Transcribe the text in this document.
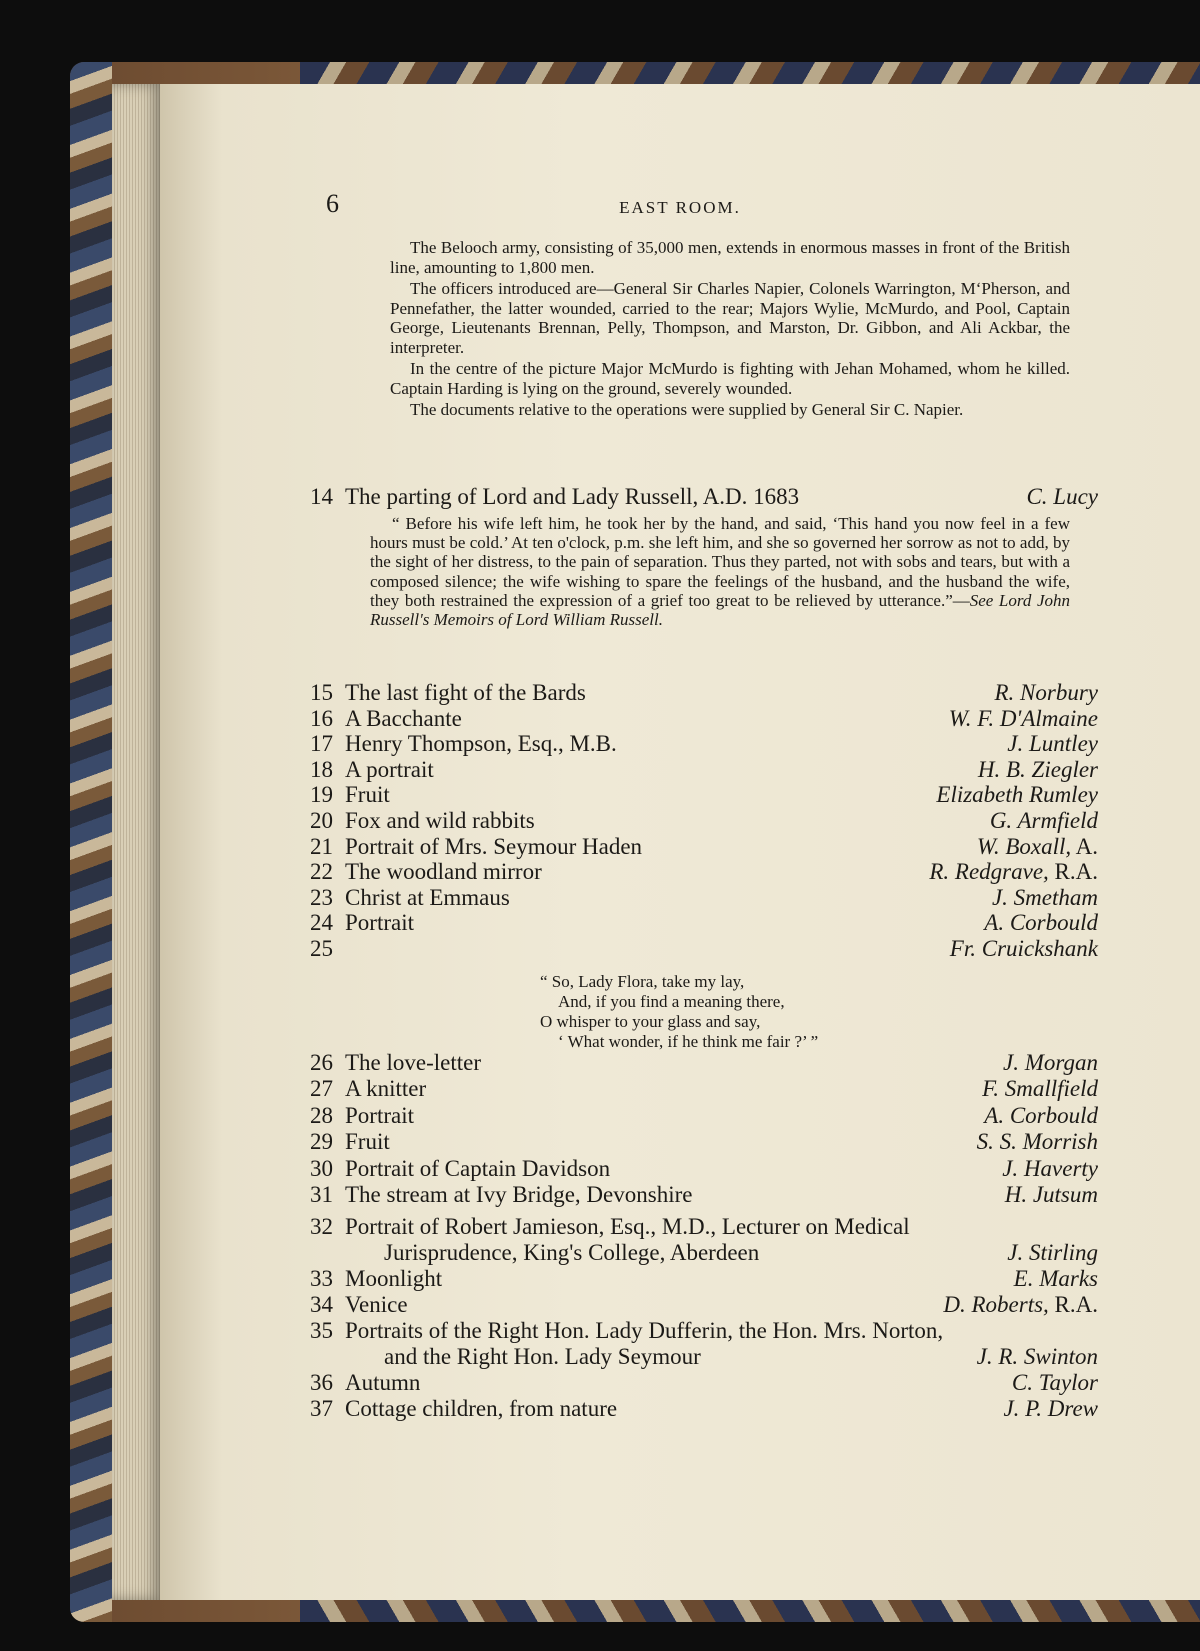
6	EAST ROOM.

The Belooch army, consisting of 35,000 men, extends in enormous masses in front of the British line, amounting to 1,800 men.

The officers introduced are—General Sir Charles Napier, Colonels Warrington, M‘Pherson, and Pennefather, the latter wounded, carried to the rear; Majors Wylie, McMurdo, and Pool, Captain George, Lieutenants Brennan, Pelly, Thompson, and Marston, Dr. Gibbon, and Ali Ackbar, the interpreter.

In the centre of the picture Major McMurdo is fighting with Jehan Mohamed, whom he killed. Captain Harding is lying on the ground, severely wounded.

The documents relative to the operations were supplied by General Sir C. Napier.

14 The parting of Lord and Lady Russell, A.D. 1683	C. Lucy

“ Before his wife left him, he took her by the hand, and said, ‘This hand you now feel in a few hours must be cold.’ At ten o'clock, p.m. she left him, and she so governed her sorrow as not to add, by the sight of her distress, to the pain of separation. Thus they parted, not with sobs and tears, but with a composed silence; the wife wishing to spare the feelings of the husband, and the husband the wife, they both restrained the expression of a grief too great to be relieved by utterance.”—See Lord John Russell's Memoirs of Lord William Russell.

15 The last fight of the Bards	R. Norbury
16 A Bacchante	W. F. D'Almaine
17 Henry Thompson, Esq., M.B.	J. Luntley
18 A portrait	H. B. Ziegler
19 Fruit	Elizabeth Rumley
20 Fox and wild rabbits	G. Armfield
21 Portrait of Mrs. Seymour Haden	W. Boxall, A.
22 The woodland mirror	R. Redgrave, R.A.
23 Christ at Emmaus	J. Smetham
24 Portrait	A. Corbould
25	Fr. Cruickshank
“ So, Lady Flora, take my lay,
And, if you find a meaning there,
O whisper to your glass and say,
‘ What wonder, if he think me fair ?’ ”
26 The love-letter	J. Morgan
27 A knitter	F. Smallfield
28 Portrait	A. Corbould
29 Fruit	S. S. Morrish
30 Portrait of Captain Davidson	J. Haverty
31 The stream at Ivy Bridge, Devonshire	H. Jutsum
32 Portrait of Robert Jamieson, Esq., M.D., Lecturer on Medical
Jurisprudence, King's College, Aberdeen	J. Stirling
33 Moonlight	E. Marks
34 Venice	D. Roberts, R.A.
35 Portraits of the Right Hon. Lady Dufferin, the Hon. Mrs. Norton,
and the Right Hon. Lady Seymour	J. R. Swinton
36 Autumn	C. Taylor
37 Cottage children, from nature	J. P. Drew
